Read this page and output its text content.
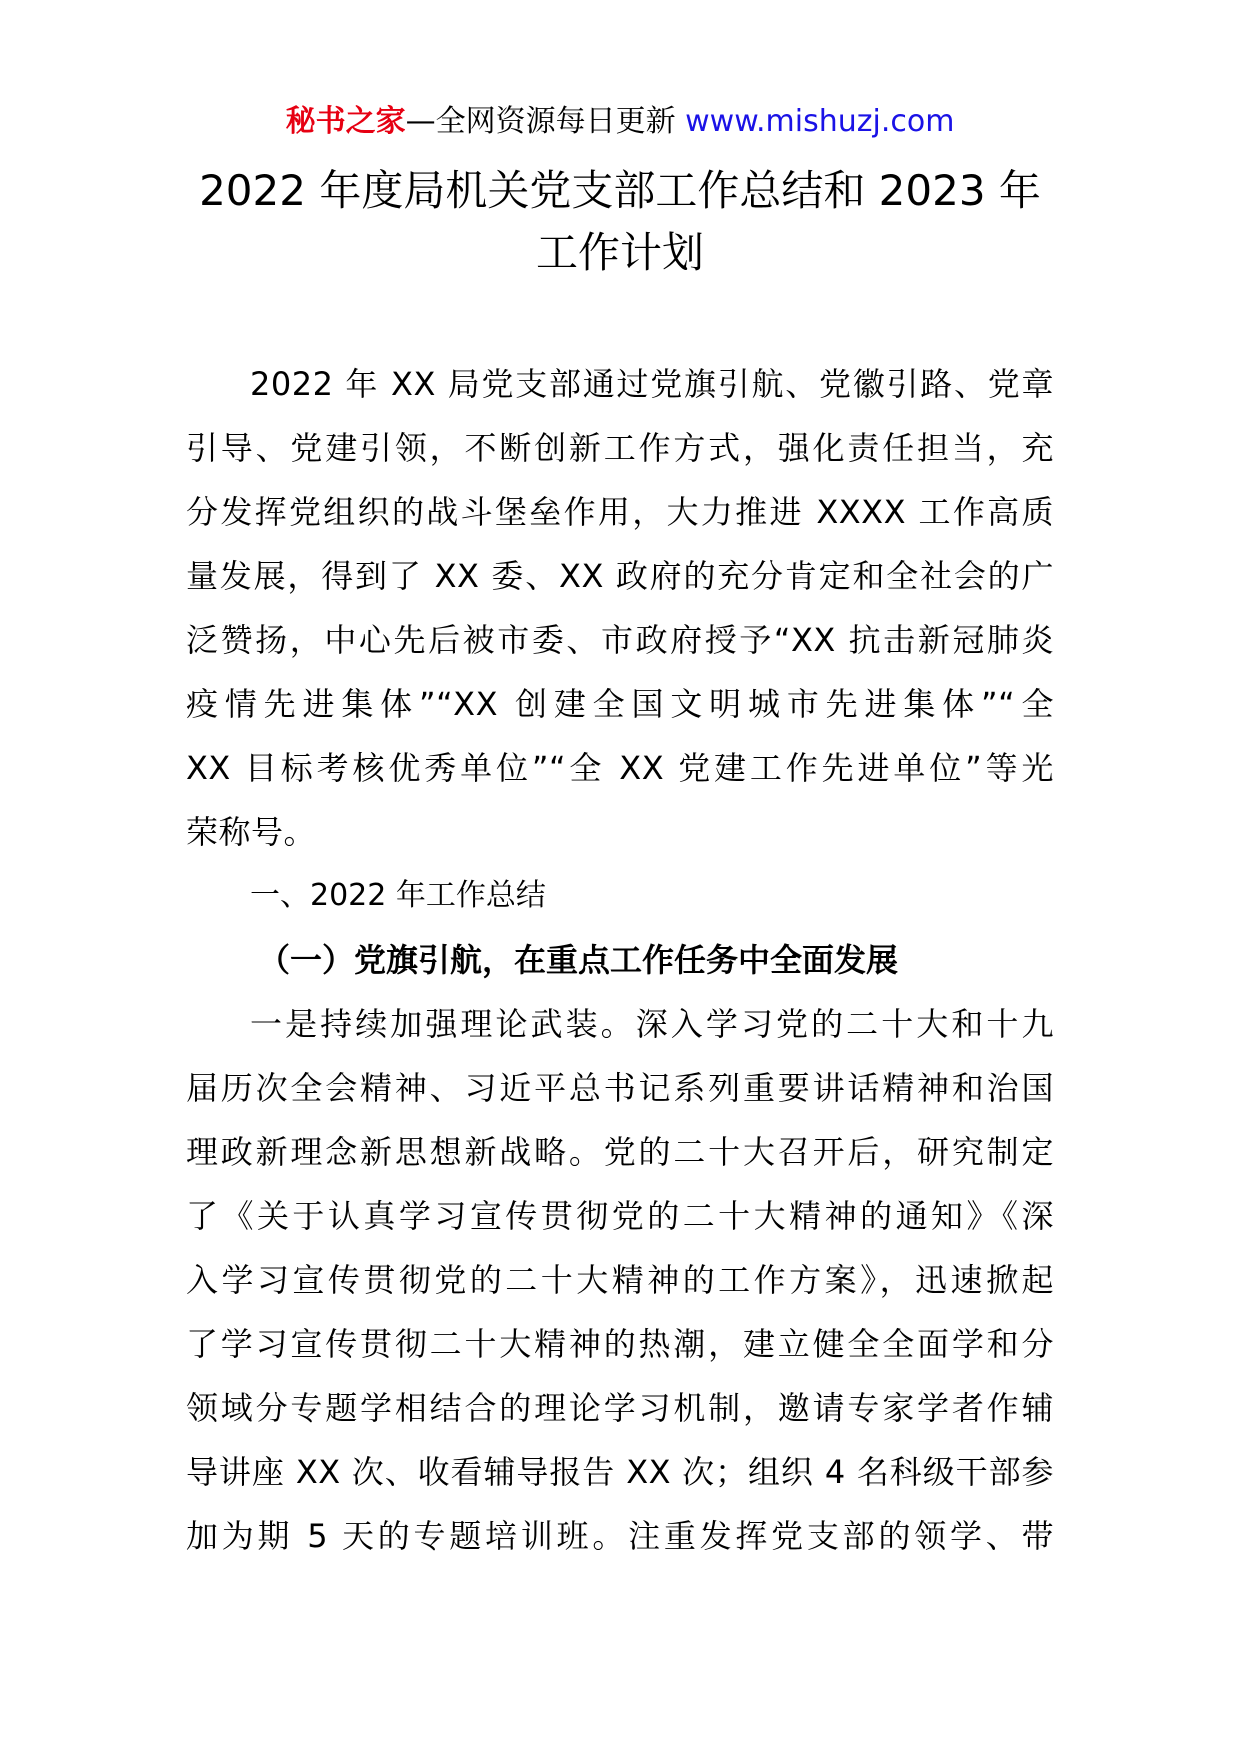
秘书之家—全网资源每日更新 www.mishuzj.com
2022 年度局机关党支部工作总结和 2023 年
工作计划
2022 年 XX 局党支部通过党旗引航、党徽引路、党章
引导、党建引领，不断创新工作方式，强化责任担当，充
分发挥党组织的战斗堡垒作用，大力推进 XXXX 工作高质
量发展，得到了 XX 委、XX 政府的充分肯定和全社会的广
泛赞扬，中心先后被市委、市政府授予“XX 抗击新冠肺炎
疫情先进集体”“XX 创建全国文明城市先进集体”“全
XX 目标考核优秀单位”“全 XX 党建工作先进单位”等光
荣称号。
一、2022 年工作总结
（一）党旗引航，在重点工作任务中全面发展
一是持续加强理论武装。深入学习党的二十大和十九
届历次全会精神、习近平总书记系列重要讲话精神和治国
理政新理念新思想新战略。党的二十大召开后，研究制定
了《关于认真学习宣传贯彻党的二十大精神的通知》《深
入学习宣传贯彻党的二十大精神的工作方案》，迅速掀起
了学习宣传贯彻二十大精神的热潮，建立健全全面学和分
领域分专题学相结合的理论学习机制，邀请专家学者作辅
导讲座 XX 次、收看辅导报告 XX 次；组织 4 名科级干部参
加为期 5 天的专题培训班。注重发挥党支部的领学、带
